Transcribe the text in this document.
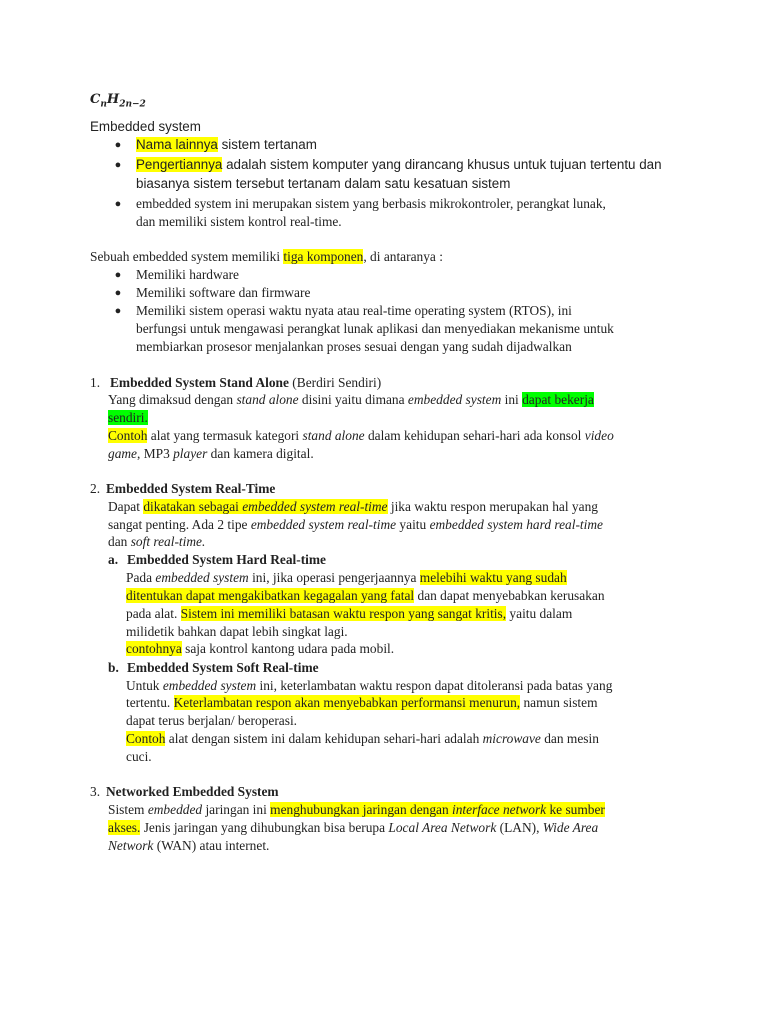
$C_nH_{2n-2}$
Embedded system
● Nama lainnya sistem tertanam
● Pengertiannya adalah sistem komputer yang dirancang khusus untuk tujuan tertentu dan
biasanya sistem tersebut tertanam dalam satu kesatuan sistem
● embedded system ini merupakan sistem yang berbasis mikrokontroler, perangkat lunak,
dan memiliki sistem kontrol real-time.
Sebuah embedded system memiliki tiga komponen, di antaranya :
● Memiliki hardware
● Memiliki software dan firmware
● Memiliki sistem operasi waktu nyata atau real-time operating system (RTOS), ini
berfungsi untuk mengawasi perangkat lunak aplikasi dan menyediakan mekanisme untuk
membiarkan prosesor menjalankan proses sesuai dengan yang sudah dijadwalkan
1. Embedded System Stand Alone (Berdiri Sendiri)
Yang dimaksud dengan stand alone disini yaitu dimana embedded system ini dapat bekerja
sendiri.
Contoh alat yang termasuk kategori stand alone dalam kehidupan sehari-hari ada konsol video
game, MP3 player dan kamera digital.
2. Embedded System Real-Time
Dapat dikatakan sebagai embedded system real-time jika waktu respon merupakan hal yang
sangat penting. Ada 2 tipe embedded system real-time yaitu embedded system hard real-time
dan soft real-time.
a. Embedded System Hard Real-time
Pada embedded system ini, jika operasi pengerjaannya melebihi waktu yang sudah
ditentukan dapat mengakibatkan kegagalan yang fatal dan dapat menyebabkan kerusakan
pada alat. Sistem ini memiliki batasan waktu respon yang sangat kritis, yaitu dalam
milidetik bahkan dapat lebih singkat lagi.
contohnya saja kontrol kantong udara pada mobil.
b. Embedded System Soft Real-time
Untuk embedded system ini, keterlambatan waktu respon dapat ditoleransi pada batas yang
tertentu. Keterlambatan respon akan menyebabkan performansi menurun, namun sistem
dapat terus berjalan/ beroperasi.
Contoh alat dengan sistem ini dalam kehidupan sehari-hari adalah microwave dan mesin
cuci.
3. Networked Embedded System
Sistem embedded jaringan ini menghubungkan jaringan dengan interface network ke sumber
akses. Jenis jaringan yang dihubungkan bisa berupa Local Area Network (LAN), Wide Area
Network (WAN) atau internet.
